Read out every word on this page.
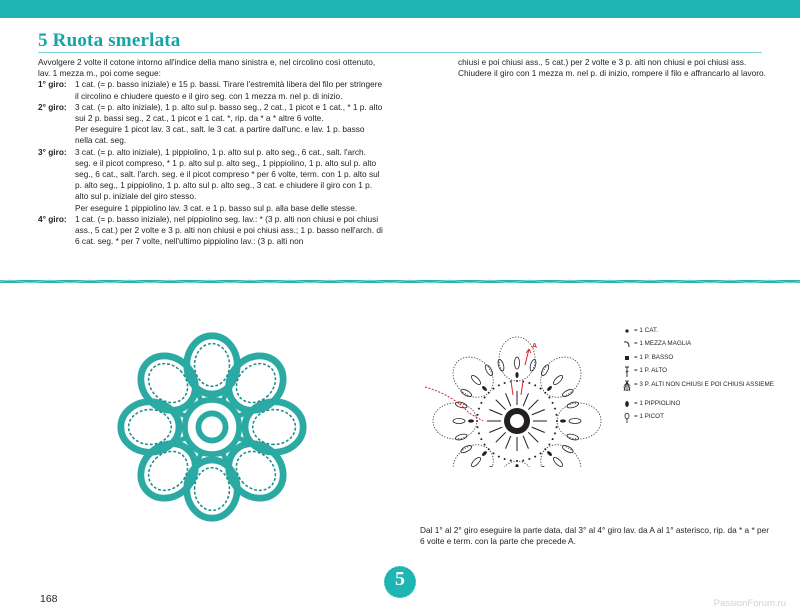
5 Ruota smerlata

Avvolgere 2 volte il cotone intorno all'indice della mano sinistra e, nel circolino così ottenuto, lav. 1 mezza m., poi come segue:

1° giro:	1 cat. (= p. basso iniziale) e 15 p. bassi. Tirare l'estremità libera del filo per stringere il circolino e chiudere questo e il giro seg. con 1 mezza m. nel p. di inizio.

2° giro:	3 cat. (= p. alto iniziale), 1 p. alto sul p. basso seg., 2 cat., 1 picot e 1 cat., * 1 p. alto sui 2 p. bassi seg., 2 cat., 1 picot e 1 cat. *, rip. da * a * altre 6 volte.

Per eseguire 1 picot lav. 3 cat., salt. le 3 cat. a partire dall'unc. e lav. 1 p. basso nella cat. seg.

3° giro:	3 cat. (= p. alto iniziale), 1 pippiolino, 1 p. alto sul p. alto seg., 6 cat., salt. l'arch. seg. e il picot compreso, * 1 p. alto sul p. alto seg., 1 pippiolino, 1 p. alto sul p. alto seg., 6 cat., salt. l'arch. seg. e il picot compreso * per 6 volte, term. con 1 p. alto sul p. alto seg., 1 pippiolino, 1 p. alto sul p. alto seg., 3 cat. e chiudere il giro con 1 p. alto sul p. iniziale del giro stesso.

Per eseguire 1 pippiolino lav. 3 cat. e 1 p. basso sul p. alla base delle stesse.

4° giro:	1 cat. (= p. basso iniziale), nel pippiolino seg. lav.: * (3 p. alti non chiusi e poi chiusi ass., 5 cat.) per 2 volte e 3 p. alti non chiusi e poi chiusi ass.; 1 p. basso nell'arch. di 6 cat. seg. * per 7 volte, nell'ultimo pippiolino lav.: (3 p. alti non

chiusi e poi chiusi ass., 5 cat.) per 2 volte e 3 p. alti non chiusi e poi chiusi ass. Chiudere il giro con 1 mezza m. nel p. di inizio, rompere il filo e affrancarlo al lavoro.

A
= 1 CAT.
= 1 MEZZA MAGLIA
= 1 P. BASSO
= 1 P. ALTO
= 3 P. ALTI NON CHIUSI E POI CHIUSI ASSIEME
= 1 PIPPIOLINO
= 1 PICOT
Dal 1° al 2° giro eseguire la parte data, dal 3° al 4° giro lav. da A al 1° asterisco, rip. da * a * per 6 volte e term. con la parte che precede A.
5
168	PassionForum.ru
